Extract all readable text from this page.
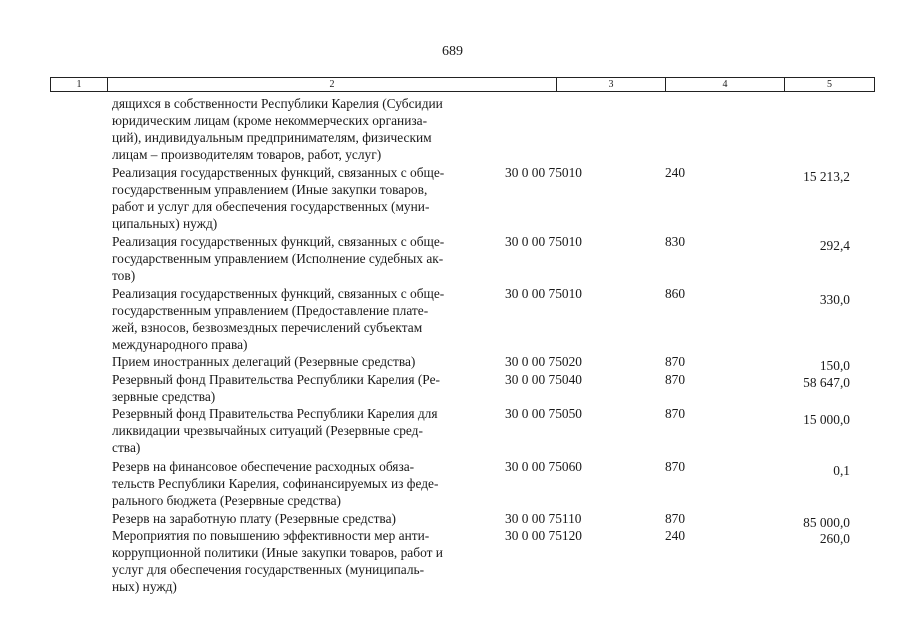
689
1	2	3	4	5
дящихся в собственности Республики Карелия (Субсидии
юридическим лицам (кроме некоммерческих организа-
ций), индивидуальным предпринимателям, физическим
лицам – производителям товаров, работ, услуг)
Реализация государственных функций, связанных с обще-
государственным управлением (Иные закупки товаров,
работ и услуг для обеспечения государственных (муни-
ципальных) нужд)
30 0 00 75010	240	15 213,2
Реализация государственных функций, связанных с обще-
государственным управлением (Исполнение судебных ак-
тов)
30 0 00 75010	830	292,4
Реализация государственных функций, связанных с обще-
государственным управлением (Предоставление плате-
жей, взносов, безвозмездных перечислений субъектам
международного права)
30 0 00 75010	860	330,0
Прием иностранных делегаций (Резервные средства)	30 0 00 75020	870	150,0
Резервный фонд Правительства Республики Карелия (Ре-
зервные средства)
30 0 00 75040	870	58 647,0
Резервный фонд Правительства Республики Карелия для
ликвидации чрезвычайных ситуаций (Резервные сред-
ства)
30 0 00 75050	870	15 000,0
Резерв на финансовое обеспечение расходных обяза-
тельств Республики Карелия, софинансируемых из феде-
рального бюджета (Резервные средства)
30 0 00 75060	870	0,1
Резерв на заработную плату (Резервные средства)	30 0 00 75110	870	85 000,0
Мероприятия по повышению эффективности мер анти-
коррупционной политики (Иные закупки товаров, работ и
услуг для обеспечения государственных (муниципаль-
ных) нужд)
30 0 00 75120	240	260,0
